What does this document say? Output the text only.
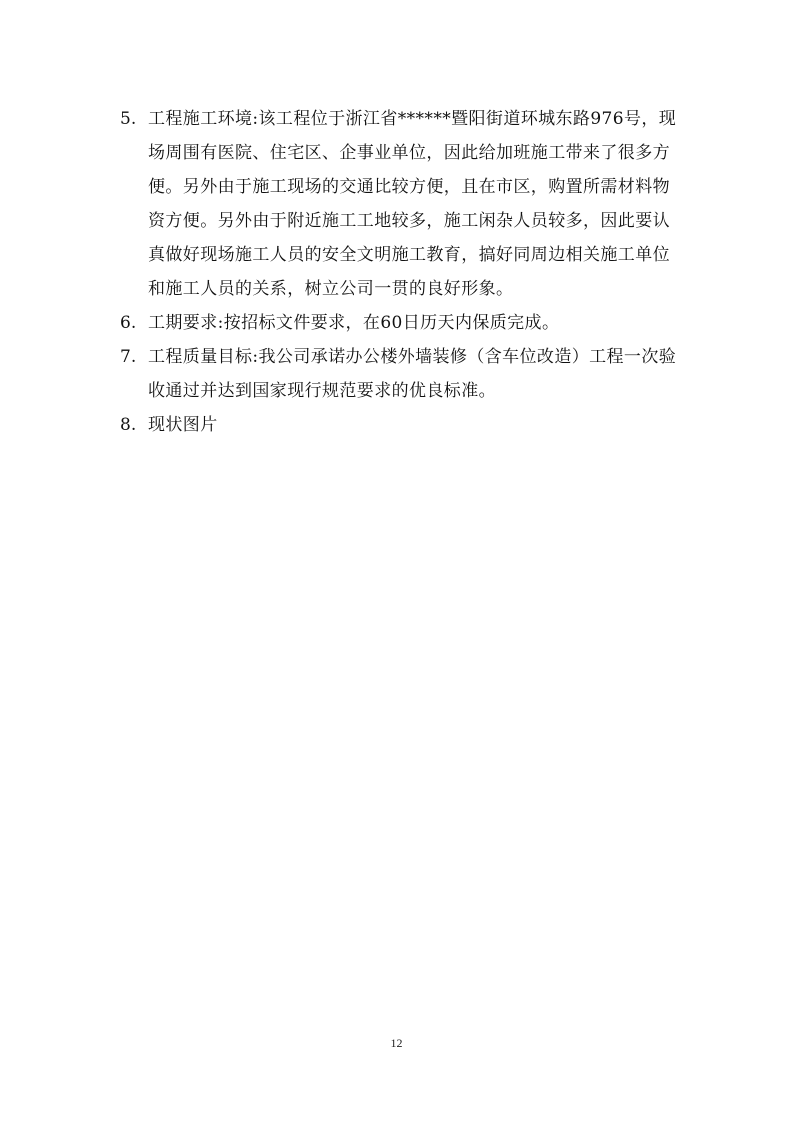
5. 工程施工环境:该工程位于浙江省******暨阳街道环城东路976号，现场周围有医院、住宅区、企事业单位，因此给加班施工带来了很多方便。另外由于施工现场的交通比较方便，且在市区，购置所需材料物资方便。另外由于附近施工工地较多，施工闲杂人员较多，因此要认真做好现场施工人员的安全文明施工教育，搞好同周边相关施工单位和施工人员的关系，树立公司一贯的良好形象。
6. 工期要求:按招标文件要求，在60日历天内保质完成。
7. 工程质量目标:我公司承诺办公楼外墙装修（含车位改造）工程一次验收通过并达到国家现行规范要求的优良标准。
8. 现状图片
12
